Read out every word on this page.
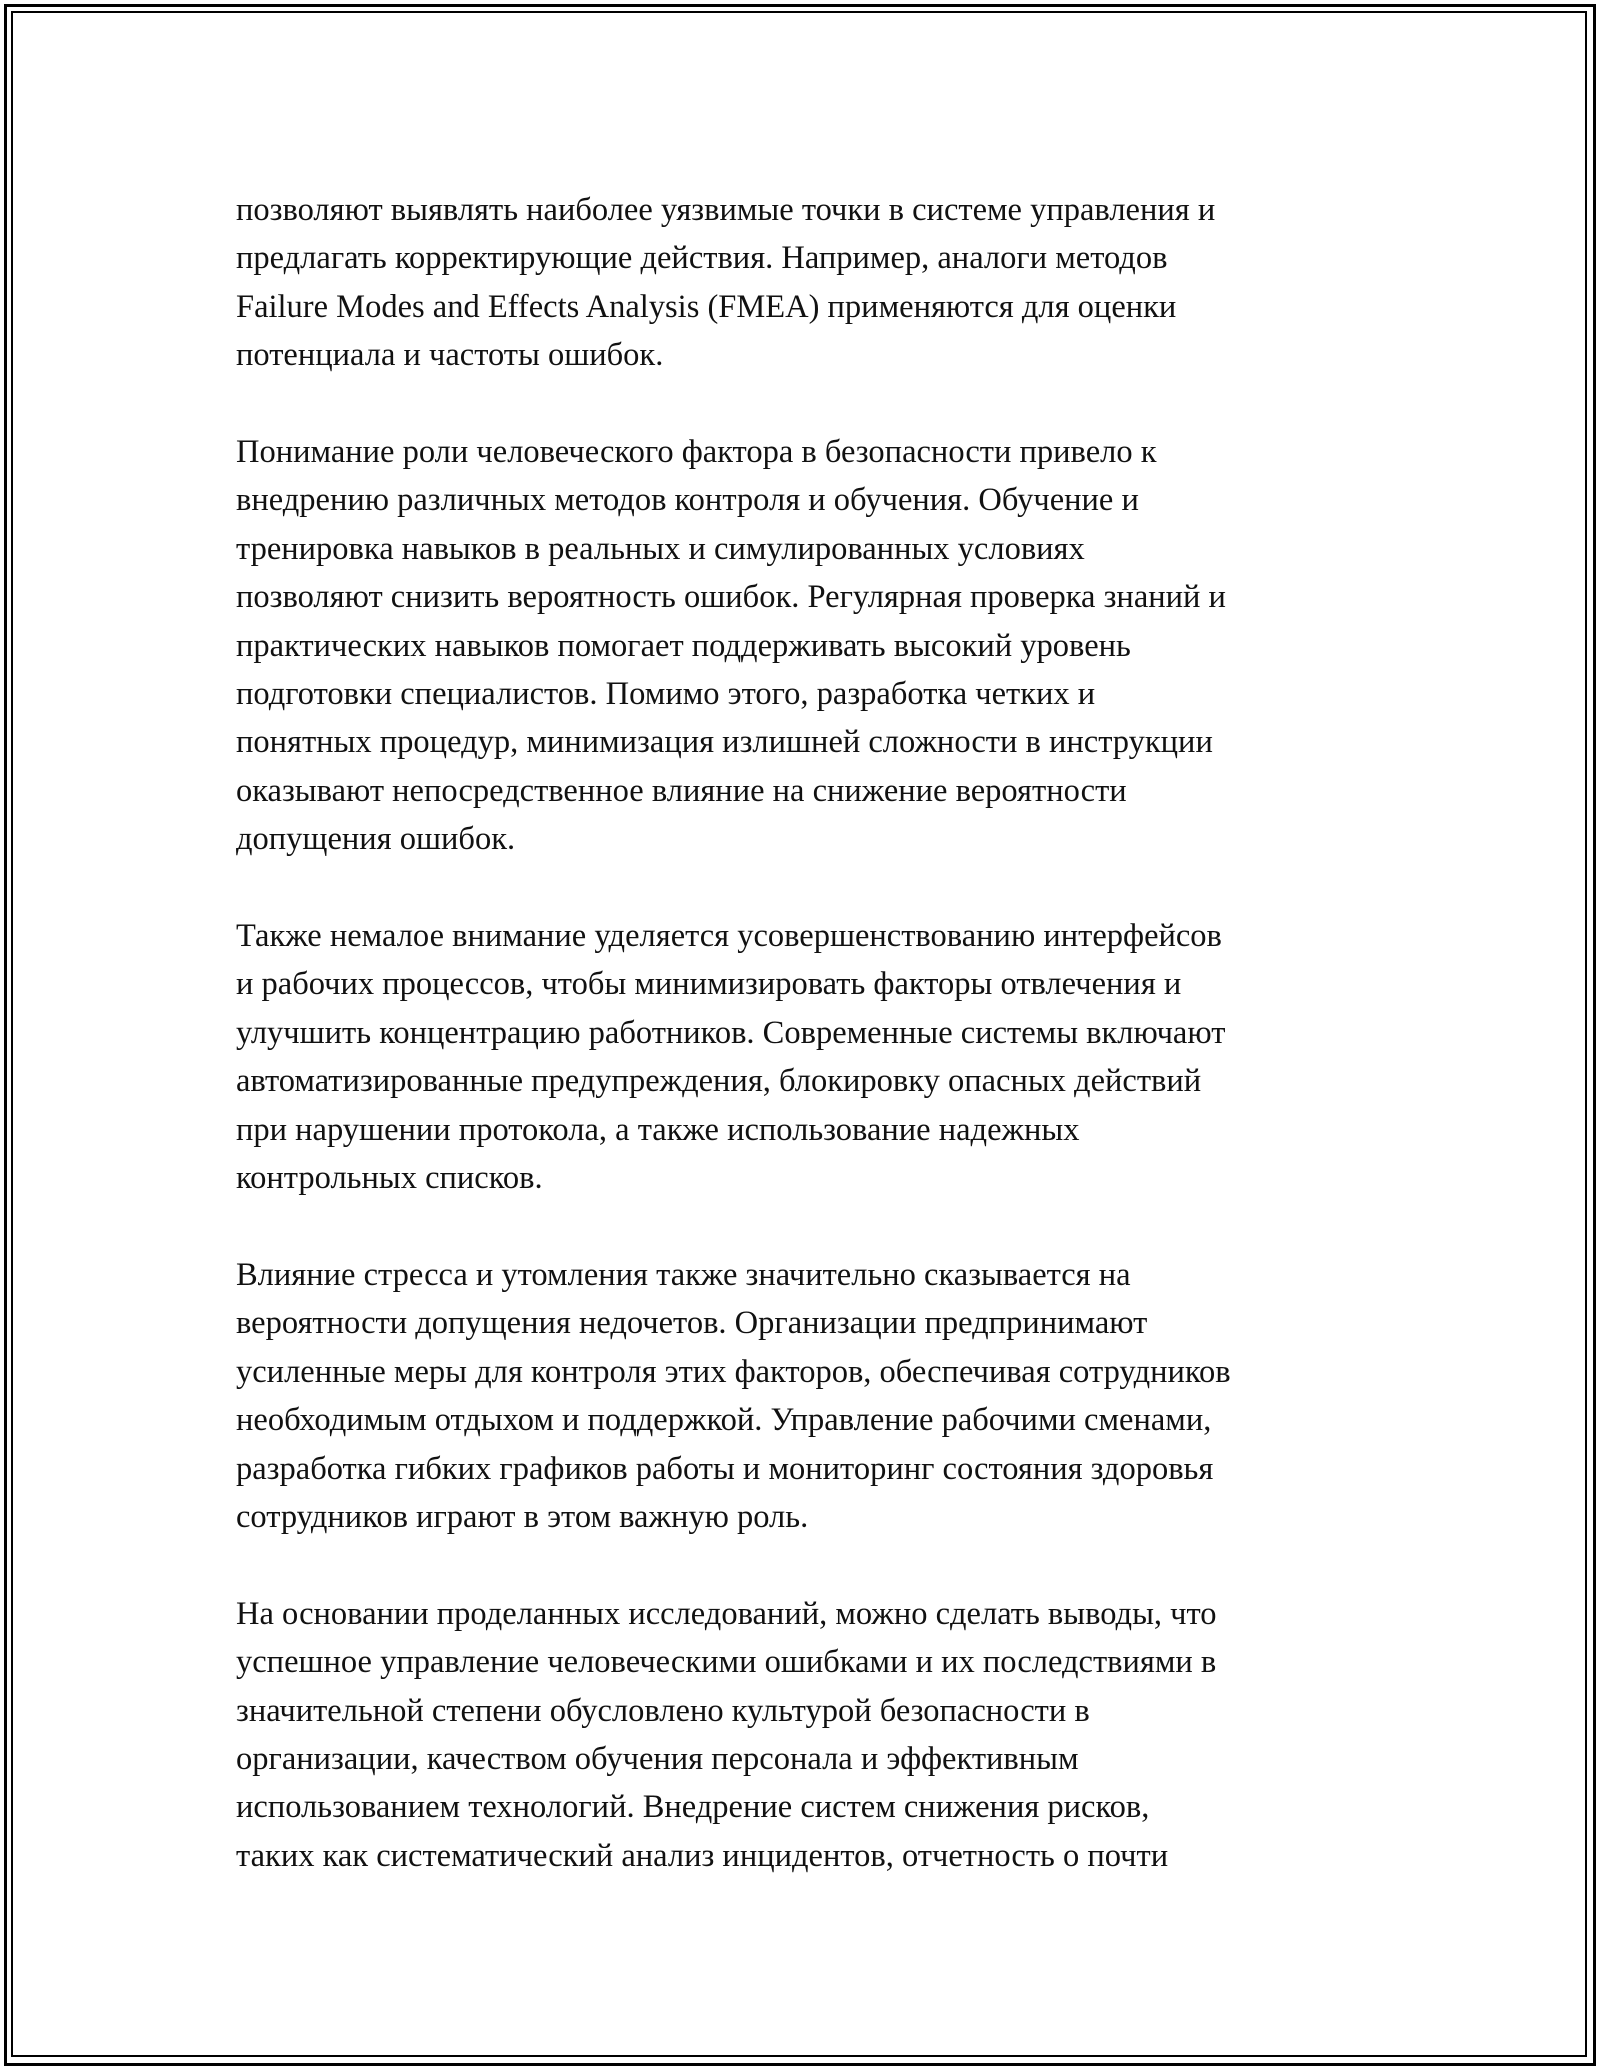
позволяют выявлять наиболее уязвимые точки в системе управления и
предлагать корректирующие действия. Например, аналоги методов
Failure Modes and Effects Analysis (FMEA) применяются для оценки
потенциала и частоты ошибок.

Понимание роли человеческого фактора в безопасности привело к
внедрению различных методов контроля и обучения. Обучение и
тренировка навыков в реальных и симулированных условиях
позволяют снизить вероятность ошибок. Регулярная проверка знаний и
практических навыков помогает поддерживать высокий уровень
подготовки специалистов. Помимо этого, разработка четких и
понятных процедур, минимизация излишней сложности в инструкции
оказывают непосредственное влияние на снижение вероятности
допущения ошибок.

Также немалое внимание уделяется усовершенствованию интерфейсов
и рабочих процессов, чтобы минимизировать факторы отвлечения и
улучшить концентрацию работников. Современные системы включают
автоматизированные предупреждения, блокировку опасных действий
при нарушении протокола, а также использование надежных
контрольных списков.

Влияние стресса и утомления также значительно сказывается на
вероятности допущения недочетов. Организации предпринимают
усиленные меры для контроля этих факторов, обеспечивая сотрудников
необходимым отдыхом и поддержкой. Управление рабочими сменами,
разработка гибких графиков работы и мониторинг состояния здоровья
сотрудников играют в этом важную роль.

На основании проделанных исследований, можно сделать выводы, что
успешное управление человеческими ошибками и их последствиями в
значительной степени обусловлено культурой безопасности в
организации, качеством обучения персонала и эффективным
использованием технологий. Внедрение систем снижения рисков,
таких как систематический анализ инцидентов, отчетность о почти
